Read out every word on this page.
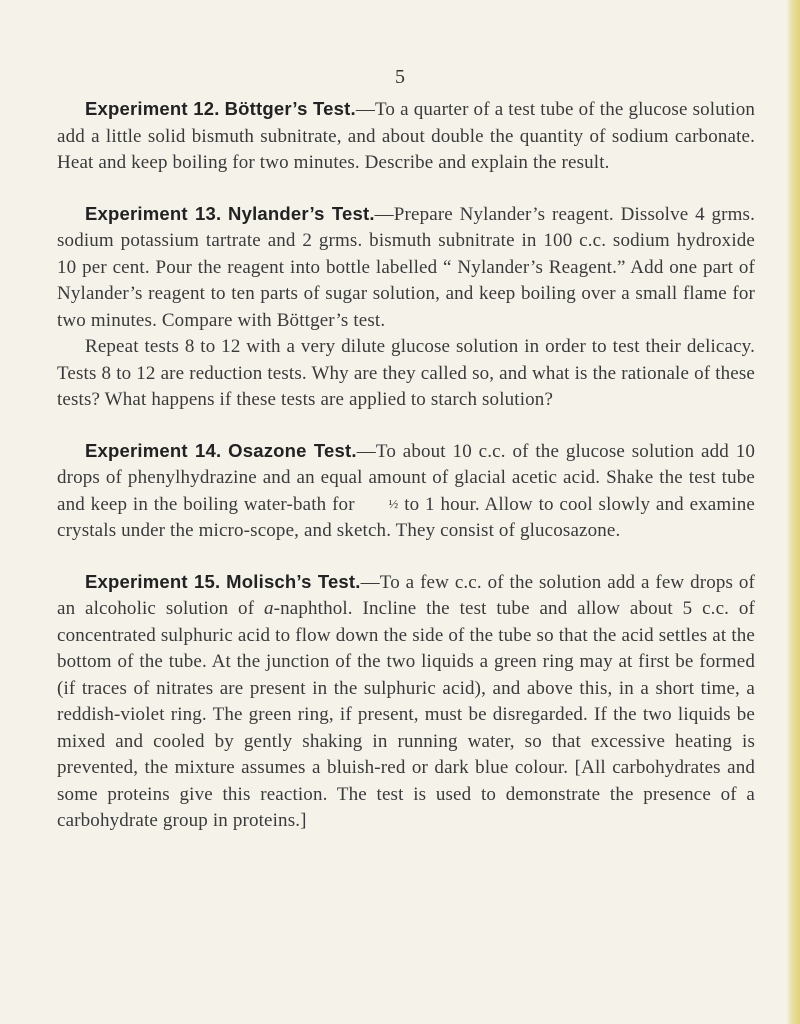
5

Experiment 12. Böttger’s Test.—To a quarter of a test tube of the glucose solution add a little solid bismuth subnitrate, and about double the quantity of sodium carbonate. Heat and keep boiling for two minutes. Describe and explain the result.

Experiment 13. Nylander’s Test.—Prepare Nylander’s reagent. Dissolve 4 grms. sodium potassium tartrate and 2 grms. bismuth subnitrate in 100 c.c. sodium hydroxide 10 per cent. Pour the reagent into bottle labelled “ Nylander’s Reagent.” Add one part of Nylander’s reagent to ten parts of sugar solution, and keep boiling over a small flame for two minutes. Compare with Böttger’s test.

Repeat tests 8 to 12 with a very dilute glucose solution in order to test their delicacy. Tests 8 to 12 are reduction tests. Why are they called so, and what is the rationale of these tests? What happens if these tests are applied to starch solution?

Experiment 14. Osazone Test.—To about 10 c.c. of the glucose solution add 10 drops of phenylhydrazine and an equal amount of glacial acetic acid. Shake the test tube and keep in the boiling water-bath for	½ to 1 hour. Allow to cool slowly and examine crystals under the micro-scope, and sketch. They consist of glucosazone.

Experiment 15. Molisch’s Test.—To a few c.c. of the solution add a few drops of an alcoholic solution of a-naphthol. Incline the test tube and allow about 5 c.c. of concentrated sulphuric acid to flow down the side of the tube so that the acid settles at the bottom of the tube. At the junction of the two liquids a green ring may at first be formed (if traces of nitrates are present in the sulphuric acid), and above this, in a short time, a reddish-violet ring. The green ring, if present, must be disregarded. If the two liquids be mixed and cooled by gently shaking in running water, so that excessive heating is prevented, the mixture assumes a bluish-red or dark blue colour. [All carbohydrates and some proteins give this reaction. The test is used to demonstrate the presence of a carbohydrate group in proteins.]
